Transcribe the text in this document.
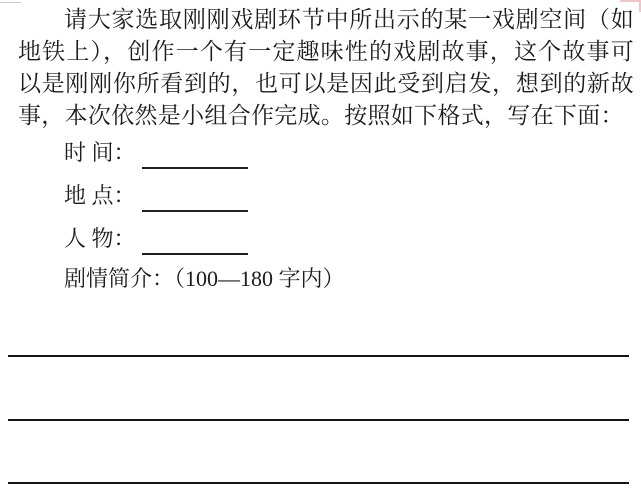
请大家选取刚刚戏剧环节中所出示的某一戏剧空间（如地铁上），创作一个有一定趣味性的戏剧故事，这个故事可以是刚刚你所看到的，也可以是因此受到启发，想到的新故事，本次依然是小组合作完成。按照如下格式，写在下面：

时 间：
地 点：
人 物：
剧情简介：（100—180 字内）
